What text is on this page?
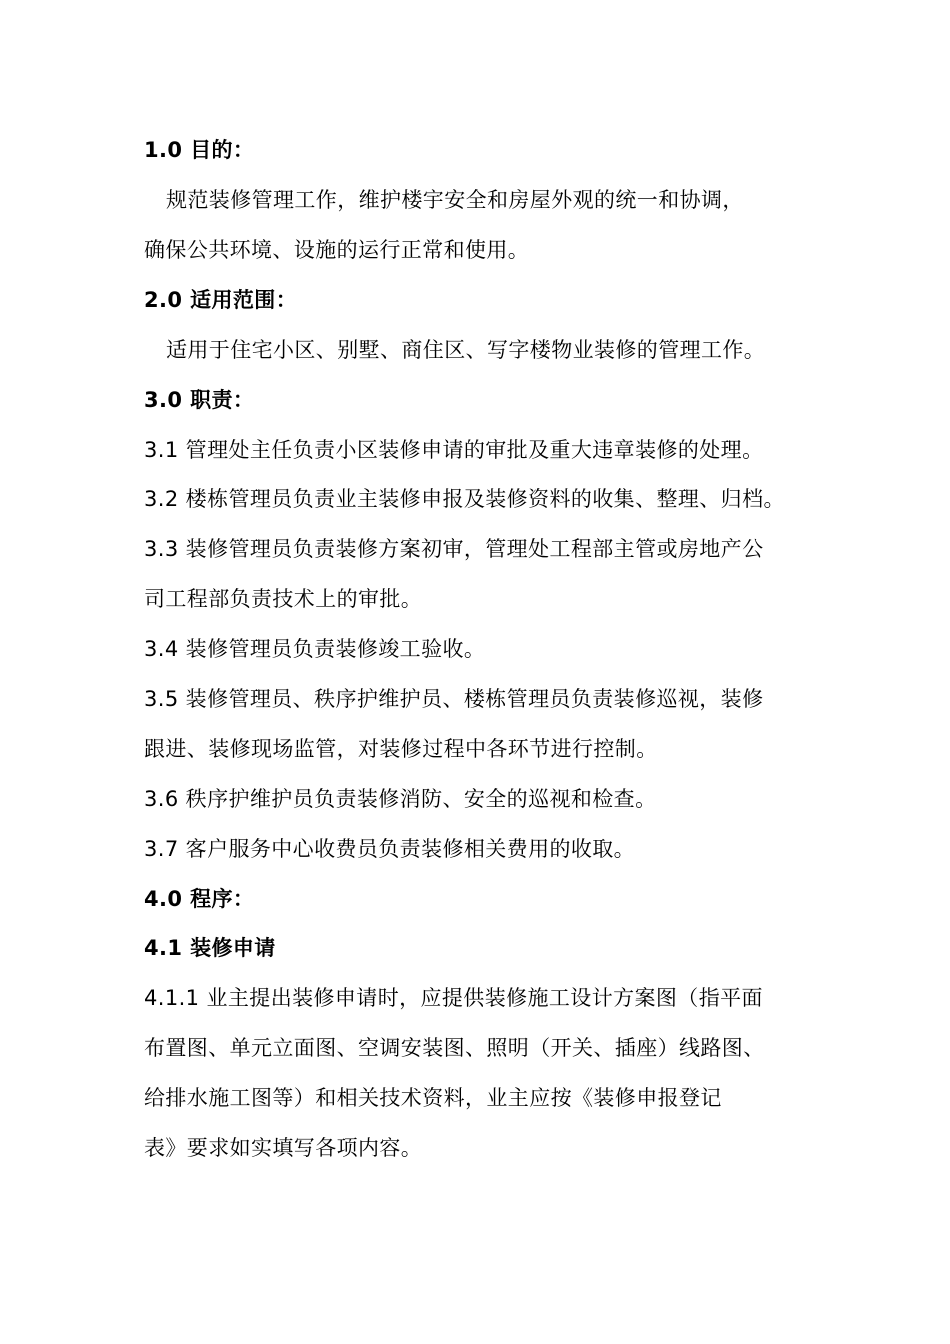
1.0 目的：
规范装修管理工作，维护楼宇安全和房屋外观的统一和协调，
确保公共环境、设施的运行正常和使用。
2.0 适用范围：
适用于住宅小区、别墅、商住区、写字楼物业装修的管理工作。
3.0 职责：
3.1 管理处主任负责小区装修申请的审批及重大违章装修的处理。
3.2 楼栋管理员负责业主装修申报及装修资料的收集、整理、归档。
3.3 装修管理员负责装修方案初审，管理处工程部主管或房地产公
司工程部负责技术上的审批。
3.4 装修管理员负责装修竣工验收。
3.5 装修管理员、秩序护维护员、楼栋管理员负责装修巡视，装修
跟进、装修现场监管，对装修过程中各环节进行控制。
3.6 秩序护维护员负责装修消防、安全的巡视和检查。
3.7 客户服务中心收费员负责装修相关费用的收取。
4.0 程序：
4.1 装修申请
4.1.1 业主提出装修申请时，应提供装修施工设计方案图（指平面
布置图、单元立面图、空调安装图、照明（开关、插座）线路图、
给排水施工图等）和相关技术资料，业主应按《装修申报登记
表》要求如实填写各项内容。
